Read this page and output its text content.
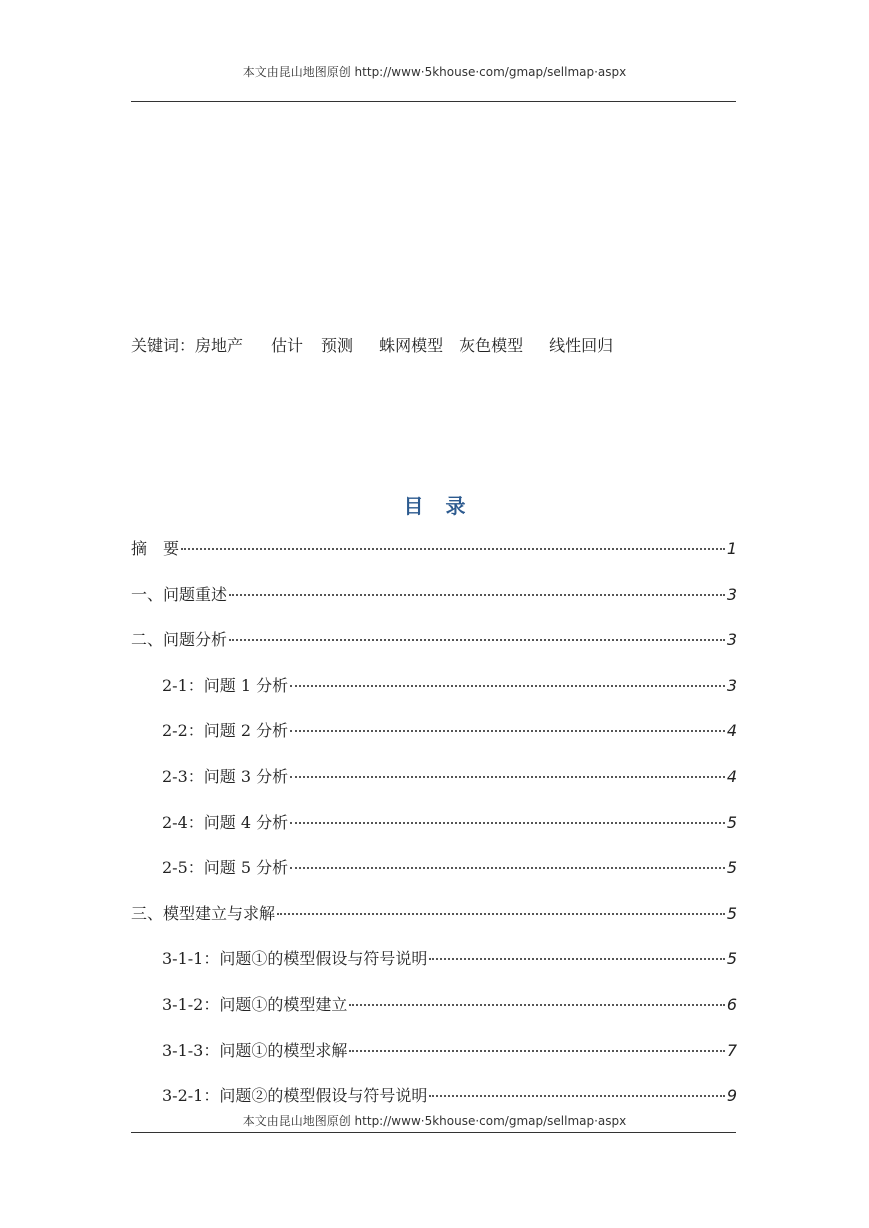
本文由昆山地图原创 http://www·5khouse·com/gmap/sellmap·aspx
关键词：房地产 估计 预测 蛛网模型 灰色模型 线性回归
目录
摘　要	1
一、问题重述	3
二、问题分析	3
2-1：问题 1 分析	3
2-2：问题 2 分析	4
2-3：问题 3 分析	4
2-4：问题 4 分析	5
2-5：问题 5 分析	5
三、模型建立与求解	5
3-1-1：问题①的模型假设与符号说明	5
3-1-2：问题①的模型建立	6
3-1-3：问题①的模型求解	7
3-2-1：问题②的模型假设与符号说明	9
本文由昆山地图原创 http://www·5khouse·com/gmap/sellmap·aspx
